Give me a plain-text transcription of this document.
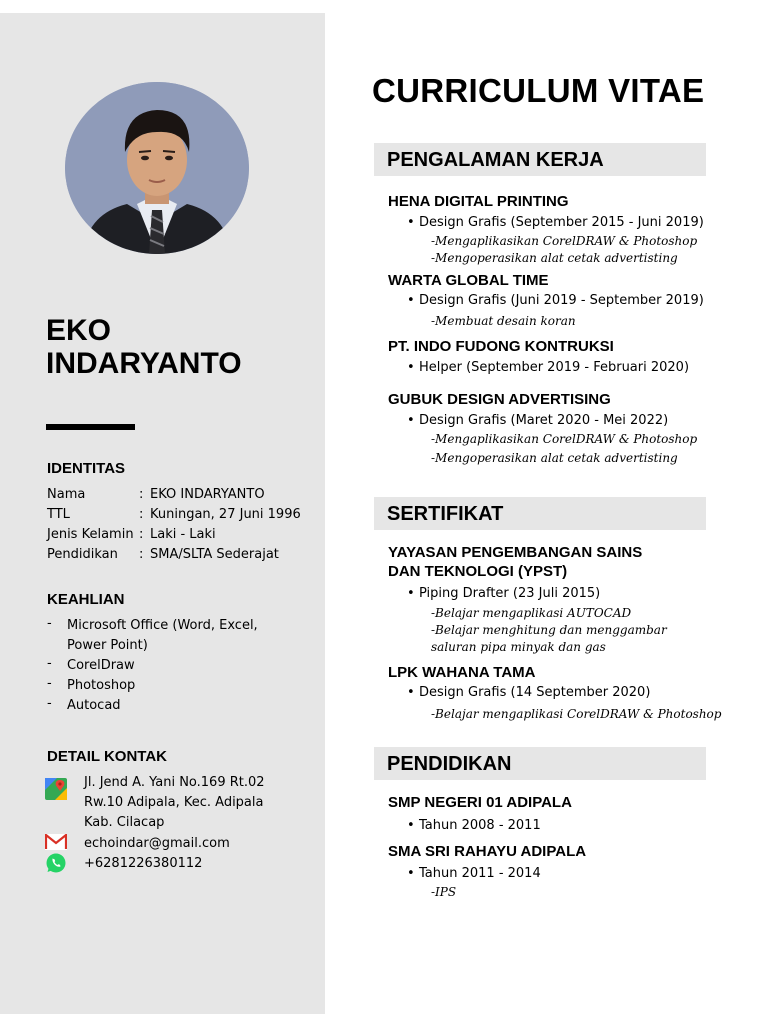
EKO
INDARYANTO
IDENTITAS
Nama	: EKO INDARYANTO
TTL	: Kuningan, 27 Juni 1996
Jenis Kelamin : Laki - Laki
Pendidikan	: SMA/SLTA Sederajat
KEAHLIAN
-	Microsoft Office (Word, Excel, Power Point)
-	CorelDraw
-	Photoshop
-	Autocad
DETAIL KONTAK
Jl. Jend A. Yani No.169 Rt.02
Rw.10 Adipala, Kec. Adipala
Kab. Cilacap
echoindar@gmail.com
+6281226380112
CURRICULUM VITAE
PENGALAMAN KERJA
HENA DIGITAL PRINTING
• Design Grafis (September 2015 - Juni 2019)
-Mengaplikasikan CorelDRAW & Photoshop
-Mengoperasikan alat cetak advertisting
WARTA GLOBAL TIME
• Design Grafis (Juni 2019 - September 2019)
-Membuat desain koran
PT. INDO FUDONG KONTRUKSI
• Helper (September 2019 - Februari 2020)
GUBUK DESIGN ADVERTISING
• Design Grafis (Maret 2020 - Mei 2022)
-Mengaplikasikan CorelDRAW & Photoshop
-Mengoperasikan alat cetak advertisting
SERTIFIKAT
YAYASAN PENGEMBANGAN SAINS
DAN TEKNOLOGI (YPST)
• Piping Drafter (23 Juli 2015)
-Belajar mengaplikasi AUTOCAD
-Belajar menghitung dan menggambar
saluran pipa minyak dan gas
LPK WAHANA TAMA
• Design Grafis (14 September 2020)
-Belajar mengaplikasi CorelDRAW & Photoshop
PENDIDIKAN
SMP NEGERI 01 ADIPALA
• Tahun 2008 - 2011
SMA SRI RAHAYU ADIPALA
• Tahun 2011 - 2014
-IPS
